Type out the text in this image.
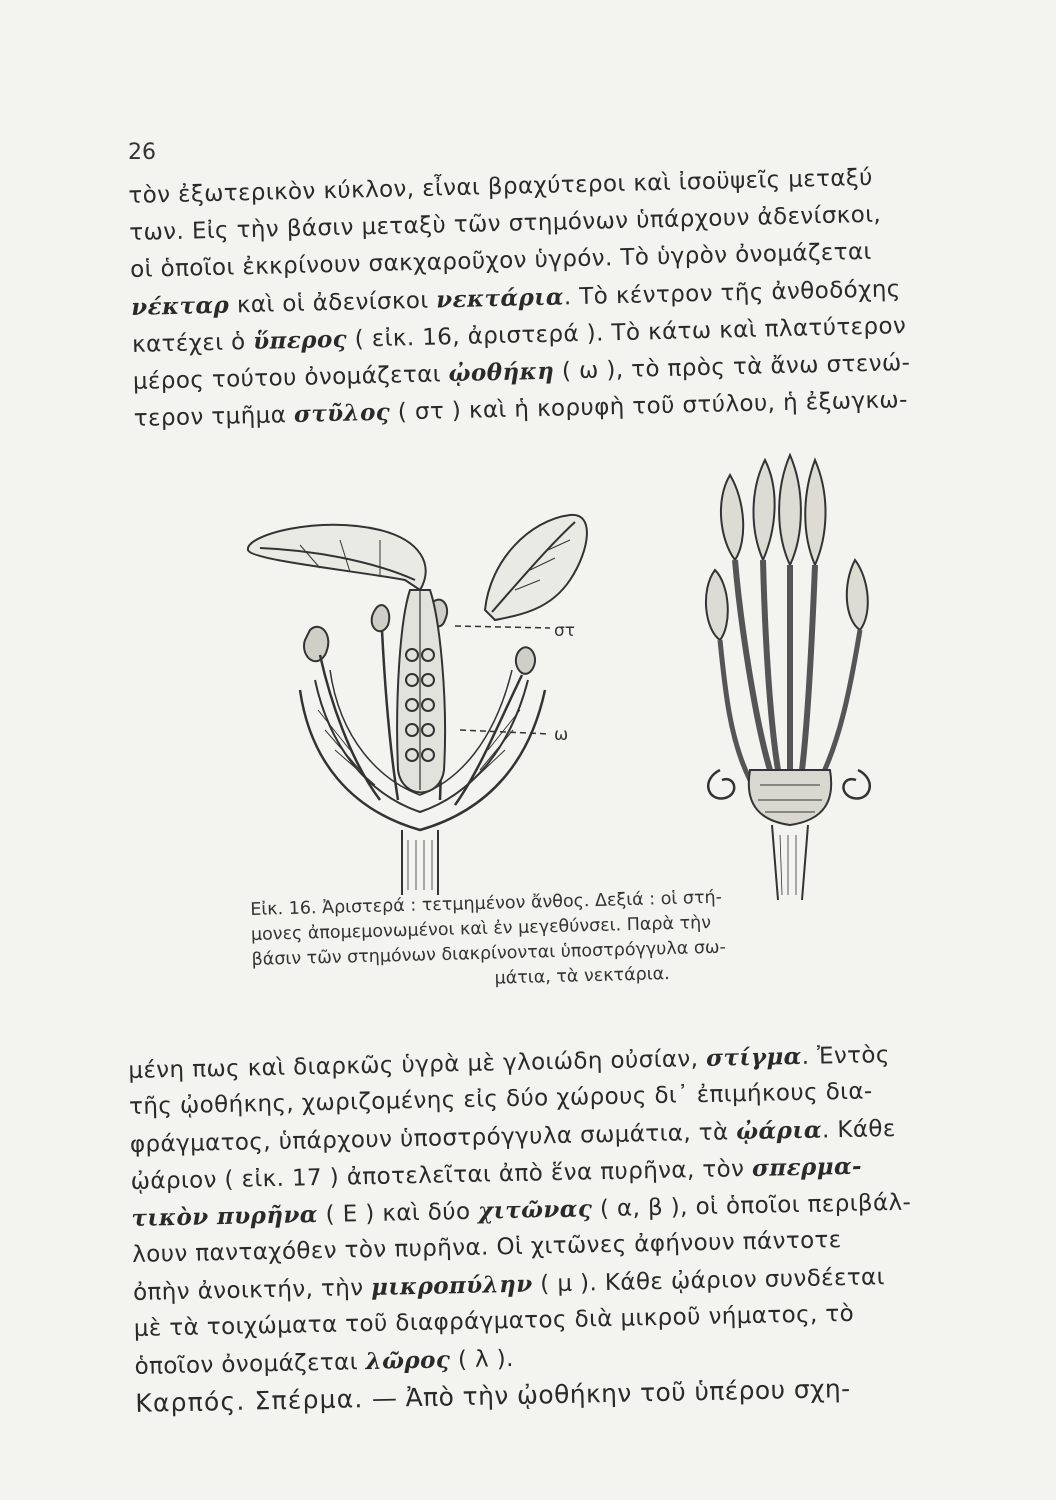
26
τὸν ἐξωτερικὸν κύκλον, εἶναι βραχύτεροι καὶ ἰσοϋψεῖς μεταξύ
των. Εἰς τὴν βάσιν μεταξὺ τῶν στημόνων ὑπάρχουν ἀδενίσκοι,
οἱ ὁποῖοι ἐκκρίνουν σακχαροῦχον ὑγρόν. Τὸ ὑγρὸν ὀνομάζεται
νέκταρ καὶ οἱ ἀδενίσκοι νεκτάρια. Τὸ κέντρον τῆς ἀνθοδόχης
κατέχει ὁ ὕπερος ( εἰκ. 16, ἀριστερά ). Τὸ κάτω καὶ πλατύτερον
μέρος τούτου ὀνομάζεται ᾠοθήκη ( ω ), τὸ πρὸς τὰ ἄνω στενώ-
τερον τμῆμα στῦλος ( στ ) καὶ ἡ κορυφὴ τοῦ στύλου, ἡ ἐξωγκω-
στ
ω
Εἰκ. 16. Ἀριστερά : τετμημένον ἄνθος. Δεξιά : οἱ στή-
μονες ἀπομεμονωμένοι καὶ ἐν μεγεθύνσει. Παρὰ τὴν
βάσιν τῶν στημόνων διακρίνονται ὑποστρόγγυλα σω-
μάτια, τὰ νεκτάρια.
μένη πως καὶ διαρκῶς ὑγρὰ μὲ γλοιώδη οὐσίαν, στίγμα. Ἐντὸς
τῆς ᾠοθήκης, χωριζομένης εἰς δύο χώρους δι᾽ ἐπιμήκους δια-
φράγματος, ὑπάρχουν ὑποστρόγγυλα σωμάτια, τὰ ᾠάρια. Κάθε
ᾠάριον ( εἰκ. 17 ) ἀποτελεῖται ἀπὸ ἕνα πυρῆνα, τὸν σπερμα-
τικὸν πυρῆνα ( Ε ) καὶ δύο χιτῶνας ( α, β ), οἱ ὁποῖοι περιβάλ-
λουν πανταχόθεν τὸν πυρῆνα. Οἱ χιτῶνες ἀφήνουν πάντοτε
ὀπὴν ἀνοικτήν, τὴν μικροπύλην ( μ ). Κάθε ᾠάριον συνδέεται
μὲ τὰ τοιχώματα τοῦ διαφράγματος διὰ μικροῦ νήματος, τὸ
ὁποῖον ὀνομάζεται λῶρος ( λ ).
Καρπός. Σπέρμα. — Ἀπὸ τὴν ᾠοθήκην τοῦ ὑπέρου σχη-
